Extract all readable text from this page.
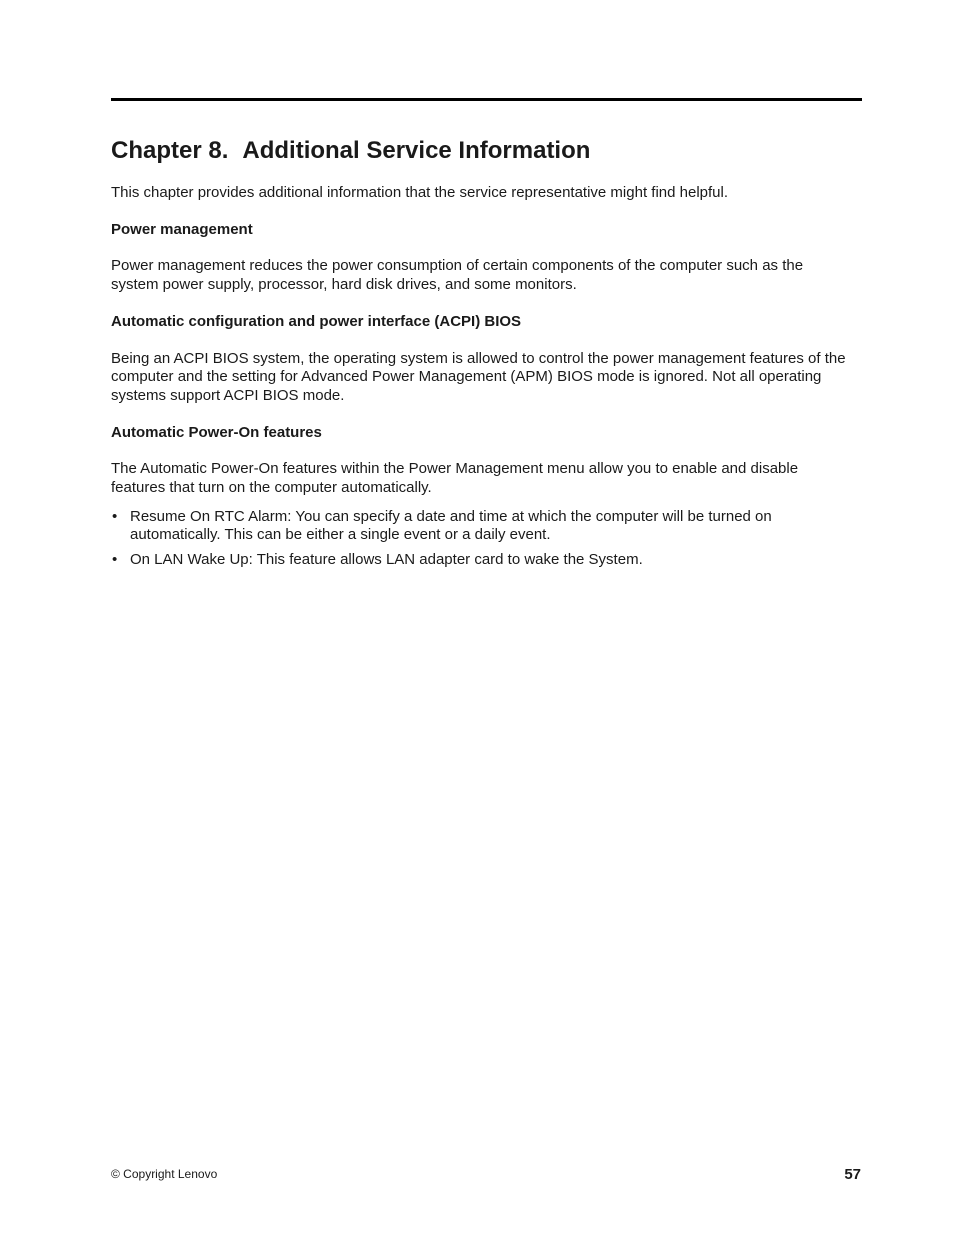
Chapter 8. Additional Service Information

This chapter provides additional information that the service representative might find helpful.

Power management

Power management reduces the power consumption of certain components of the computer such as the system power supply, processor, hard disk drives, and some monitors.

Automatic configuration and power interface (ACPI) BIOS

Being an ACPI BIOS system, the operating system is allowed to control the power management features of the computer and the setting for Advanced Power Management (APM) BIOS mode is ignored. Not all operating systems support ACPI BIOS mode.

Automatic Power-On features

The Automatic Power-On features within the Power Management menu allow you to enable and disable features that turn on the computer automatically.

• Resume On RTC Alarm: You can specify a date and time at which the computer will be turned on automatically. This can be either a single event or a daily event.
• On LAN Wake Up: This feature allows LAN adapter card to wake the System.
© Copyright Lenovo	57
